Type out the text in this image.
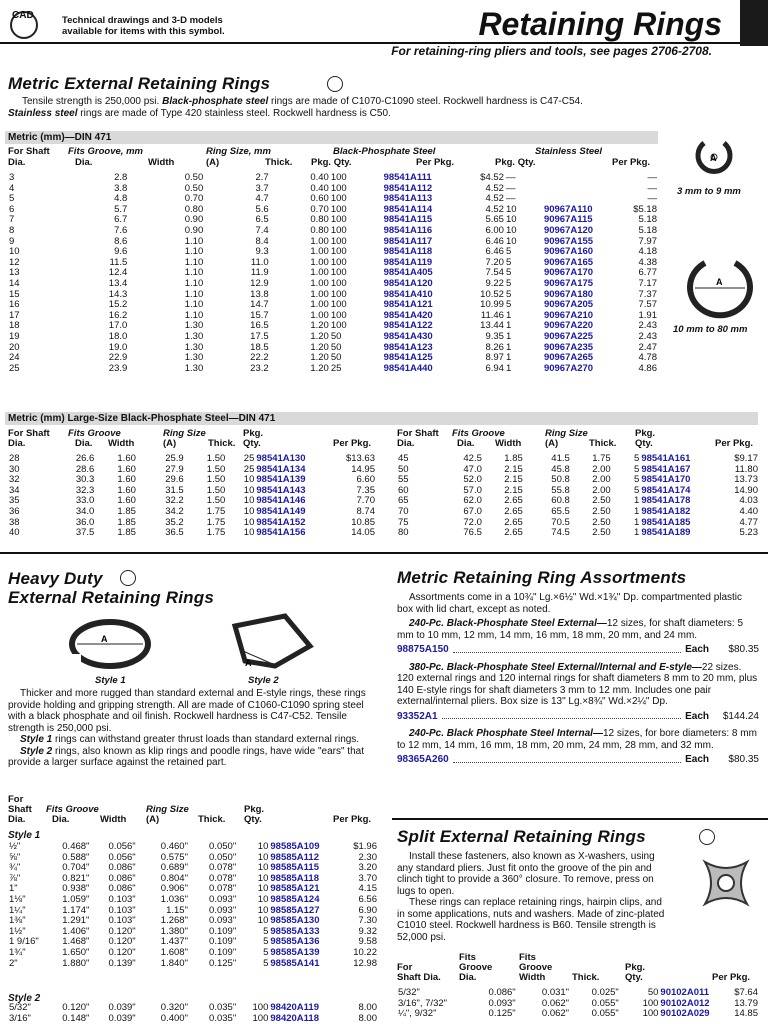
CAD	Technical drawings and 3-D models available for items with this symbol.	Retaining Rings
For retaining-ring pliers and tools, see pages 2706-2708.
Metric External Retaining Rings
Tensile strength is 250,000 psi. Black-phosphate steel rings are made of C1070-C1090 steel. Rockwell hardness is C47-C54.
Stainless steel rings are made of Type 420 stainless steel. Rockwell hardness is C50.
Metric (mm)—DIN 471
For Shaft
Dia.
Fits Groove, mm
Dia.	Width
Ring Size, mm
(A)	Thick.
Black-Phosphate Steel
Pkg. Qty.	Per Pkg.
Stainless Steel
Pkg. Qty.	Per Pkg.
3	2.8	0.50	2.7	0.40	100	98541A111	$4.52	—		—
4	3.8	0.50	3.7	0.40	100	98541A112	4.52	—		—
5	4.8	0.70	4.7	0.60	100	98541A113	4.52	—		—
6	5.7	0.80	5.6	0.70	100	98541A114	4.52	10	90967A110	$5.18
7	6.7	0.90	6.5	0.80	100	98541A115	5.65	10	90967A115	5.18
8	7.6	0.90	7.4	0.80	100	98541A116	6.00	10	90967A120	5.18
9	8.6	1.10	8.4	1.00	100	98541A117	6.46	10	90967A155	7.97
10	9.6	1.10	9.3	1.00	100	98541A118	6.46	5	90967A160	4.18
12	11.5	1.10	11.0	1.00	100	98541A119	7.20	5	90967A165	4.38
13	12.4	1.10	11.9	1.00	100	98541A405	7.54	5	90967A170	6.77
14	13.4	1.10	12.9	1.00	100	98541A120	9.22	5	90967A175	7.17
15	14.3	1.10	13.8	1.00	100	98541A410	10.52	5	90967A180	7.37
16	15.2	1.10	14.7	1.00	100	98541A121	10.99	5	90967A205	7.57
17	16.2	1.10	15.7	1.00	100	98541A420	11.46	1	90967A210	1.91
18	17.0	1.30	16.5	1.20	100	98541A122	13.44	1	90967A220	2.43
19	18.0	1.30	17.5	1.20	50	98541A430	9.35	1	90967A225	2.43
20	19.0	1.30	18.5	1.20	50	98541A123	8.26	1	90967A235	2.47
24	22.9	1.30	22.2	1.20	50	98541A125	8.97	1	90967A265	4.78
25	23.9	1.30	23.2	1.20	25	98541A440	6.94	1	90967A270	4.86
A
3 mm to 9 mm
A
10 mm to 80 mm
Metric (mm) Large-Size Black-Phosphate Steel—DIN 471
For Shaft
Dia.
Fits Groove
Dia. Width
Ring Size
(A)	Thick.
Pkg.
Qty.	Per Pkg.
For Shaft
Dia.
Fits Groove
Dia. Width
Ring Size
(A)	Thick.
Pkg.
Qty.	Per Pkg.
28	26.6	1.60	25.9	1.50	25	98541A130	$13.63
30	28.6	1.60	27.9	1.50	25	98541A134	14.95
32	30.3	1.60	29.6	1.50	10	98541A139	6.60
34	32.3	1.60	31.5	1.50	10	98541A143	7.35
35	33.0	1.60	32.2	1.50	10	98541A146	7.70
36	34.0	1.85	34.2	1.75	10	98541A149	8.74
38	36.0	1.85	35.2	1.75	10	98541A152	10.85
40	37.5	1.85	36.5	1.75	10	98541A156	14.05
45	42.5	1.85	41.5	1.75	5	98541A161	$9.17
50	47.0	2.15	45.8	2.00	5	98541A167	11.80
55	52.0	2.15	50.8	2.00	5	98541A170	13.73
60	57.0	2.15	55.8	2.00	5	98541A174	14.90
65	62.0	2.65	60.8	2.50	1	98541A178	4.03
70	67.0	2.65	65.5	2.50	1	98541A182	4.40
75	72.0	2.65	70.5	2.50	1	98541A185	4.77
80	76.5	2.65	74.5	2.50	1	98541A189	5.23
Heavy Duty
External Retaining Rings
A
Style 1
A
Style 2
Thicker and more rugged than standard external and E-style rings, these rings provide holding and gripping strength. All are made of C1060-C1090 spring steel with a black phosphate and oil finish. Rockwell hardness is C47-C52. Tensile strength is 250,000 psi.
Style 1 rings can withstand greater thrust loads than standard external rings.
Style 2 rings, also known as klip rings and poodle rings, have wide "ears" that provide a larger surface against the retained part.
For
Shaft
Dia.
Fits Groove
Dia.	Width
Ring Size
(A)	Thick.
Pkg.
Qty.	Per Pkg.
Style 1
½"	0.468"	0.056"	0.460"	0.050"	10	98585A109	$1.96
⅝"	0.588"	0.056"	0.575"	0.050"	10	98585A112	2.30
¾"	0.704"	0.086"	0.689"	0.078"	10	98585A115	3.20
⅞"	0.821"	0.086"	0.804"	0.078"	10	98585A118	3.70
1"	0.938"	0.086"	0.906"	0.078"	10	98585A121	4.15
1⅛"	1.059"	0.103"	1.036"	0.093"	10	98585A124	6.56
1¼"	1.174"	0.103"	1.15"	0.093"	10	98585A127	6.90
1⅜"	1.291"	0.103"	1.268"	0.093"	10	98585A130	7.30
1½"	1.406"	0.120"	1.380"	0.109"	5	98585A133	9.32
1 9/16"	1.468"	0.120"	1.437"	0.109"	5	98585A136	9.58
1¾"	1.650"	0.120"	1.608"	0.109"	5	98585A139	10.22
2"	1.880"	0.139"	1.840"	0.125"	5	98585A141	12.98
Style 2
5/32"	0.120"	0.039"	0.320"	0.035"	100	98420A119	8.00
3/16"	0.148"	0.039"	0.400"	0.035"	100	98420A118	8.00
Metric Retaining Ring Assortments
Assortments come in a 10¾" Lg.×6½" Wd.×1¾" Dp. compartmented plastic box with lid chart, except as noted.
240-Pc. Black-Phosphate Steel External—12 sizes, for shaft diameters: 5 mm to 10 mm, 12 mm, 14 mm, 16 mm, 18 mm, 20 mm, and 24 mm.
98875A150	Each	$80.35
380-Pc. Black-Phosphate Steel External/Internal and E-style—22 sizes. 120 external rings and 120 internal rings for shaft diameters 8 mm to 20 mm, plus 140 E-style rings for shaft diameters 3 mm to 12 mm. Includes one pair external/internal pliers. Box size is 13" Lg.×8¾" Wd.×2¼" Dp.
93352A1	Each	$144.24
240-Pc. Black Phosphate Steel Internal—12 sizes, for bore diameters: 8 mm to 12 mm, 14 mm, 16 mm, 18 mm, 20 mm, 24 mm, 28 mm, and 32 mm.
98365A260	Each	$80.35
Split External Retaining Rings
Install these fasteners, also known as X-washers, using any standard pliers. Just fit onto the groove of the pin and clinch tight to provide a 360° closure. To remove, press on lugs to open.
These rings can replace retaining rings, hairpin clips, and in some applications, nuts and washers. Made of zinc-plated C1010 steel. Rockwell hardness is B60. Tensile strength is 52,000 psi.
Fits
Groove
Dia.
Fits
Groove
Width
For
Shaft Dia.	Thick.
Pkg.
Qty.	Per Pkg.
5/32"	0.086"	0.031"	0.025"	50	90102A011	$7.64
3/16", 7/32"	0.093"	0.062"	0.055"	100	90102A012	13.79
¼", 9/32"	0.125"	0.062"	0.055"	100	90102A029	14.85
